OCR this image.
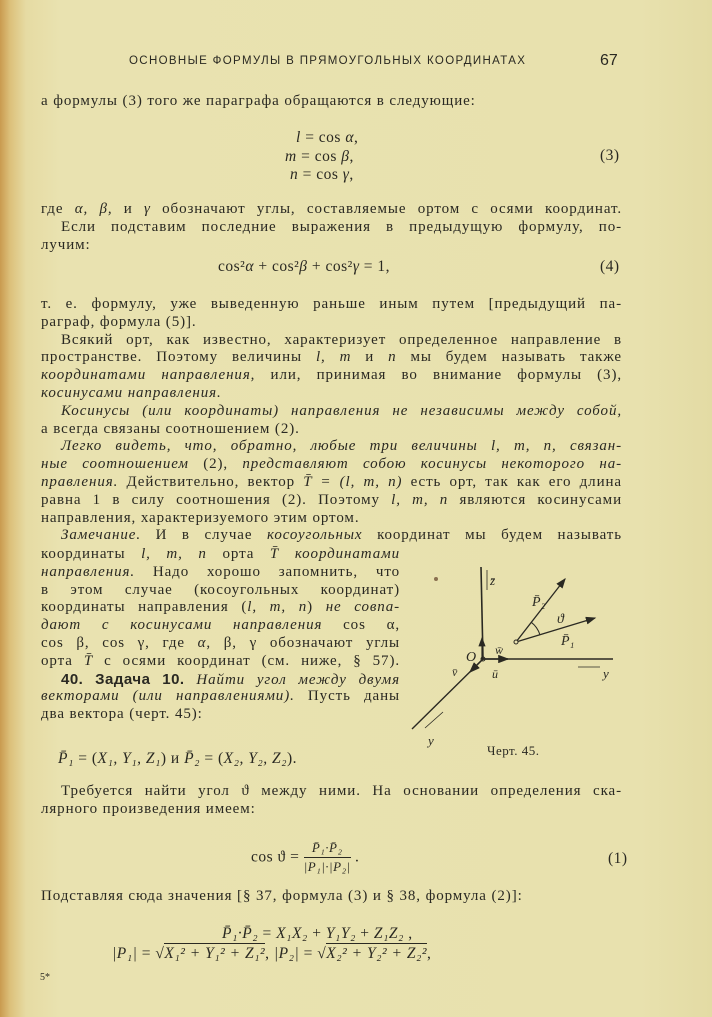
ОСНОВНЫЕ ФОРМУЛЫ В ПРЯМОУГОЛЬНЫХ КООРДИНАТАХ	67
а формулы (3) того же параграфа обращаются в следующие:
l = cos α,
m = cos β,
n = cos γ,
(3)
где α, β, и γ обозначают углы, составляемые ортом с осями координат.
Если подставим последние выражения в предыдущую формулу, по-
лучим:
cos²α + cos²β + cos²γ = 1,	(4)
т. е. формулу, уже выведенную раньше иным путем [предыдущий па-
раграф, формула (5)].
Всякий орт, как известно, характеризует определенное направление в
пространстве. Поэтому величины l, m и n мы будем называть также
координатами направления, или, принимая во внимание формулы (3),
косинусами направления.
Косинусы (или координаты) направления не независимы между собой,
а всегда связаны соотношением (2).
Легко видеть, что, обратно, любые три величины l, m, n, связан-
ные соотношением (2), представляют собою косинусы некоторого на-
правления. Действительно, вектор T̄ = (l, m, n) есть орт, так как его длина
равна 1 в силу соотношения (2). Поэтому l, m, n являются косинусами
направления, характеризуемого этим ортом.
Замечание. И в случае косоугольных координат мы будем называть
координаты l, m, n орта T̄ координатами
направления. Надо хорошо запомнить, что
в этом случае (косоугольных координат)
координаты направления (l, m, n) не совпа-
дают с косинусами направления cos α,
cos β, cos γ, где α, β, γ обозначают углы
орта T̄ с осями координат (см. ниже, § 57).
40. Задача 10. Найти угол между двумя
векторами (или направлениями). Пусть даны
два вектора (черт. 45):
z̄
O w̄
ū
v̄	y
y
P̄₂
ϑ
P̄₁
Черт. 45.
P̄₁ = (X₁, Y₁, Z₁) и P̄₂ = (X₂, Y₂, Z₂).
Требуется найти угол ϑ между ними. На основании определения ска-
лярного произведения имеем:
$\cos ϑ = \frac{\text{P̄₁·P̄₂}}{\text{|P₁|·|P₂|}}$ .	(1)
Подставляя сюда значения [§ 37, формула (3) и § 38, формула (2)]:
P̄₁·P̄₂ = X₁X₂ + Y₁Y₂ + Z₁Z₂ ,
|P₁| = √X₁² + Y₁² + Z₁², |P₂| = √X₂² + Y₂² + Z₂²,
5*
